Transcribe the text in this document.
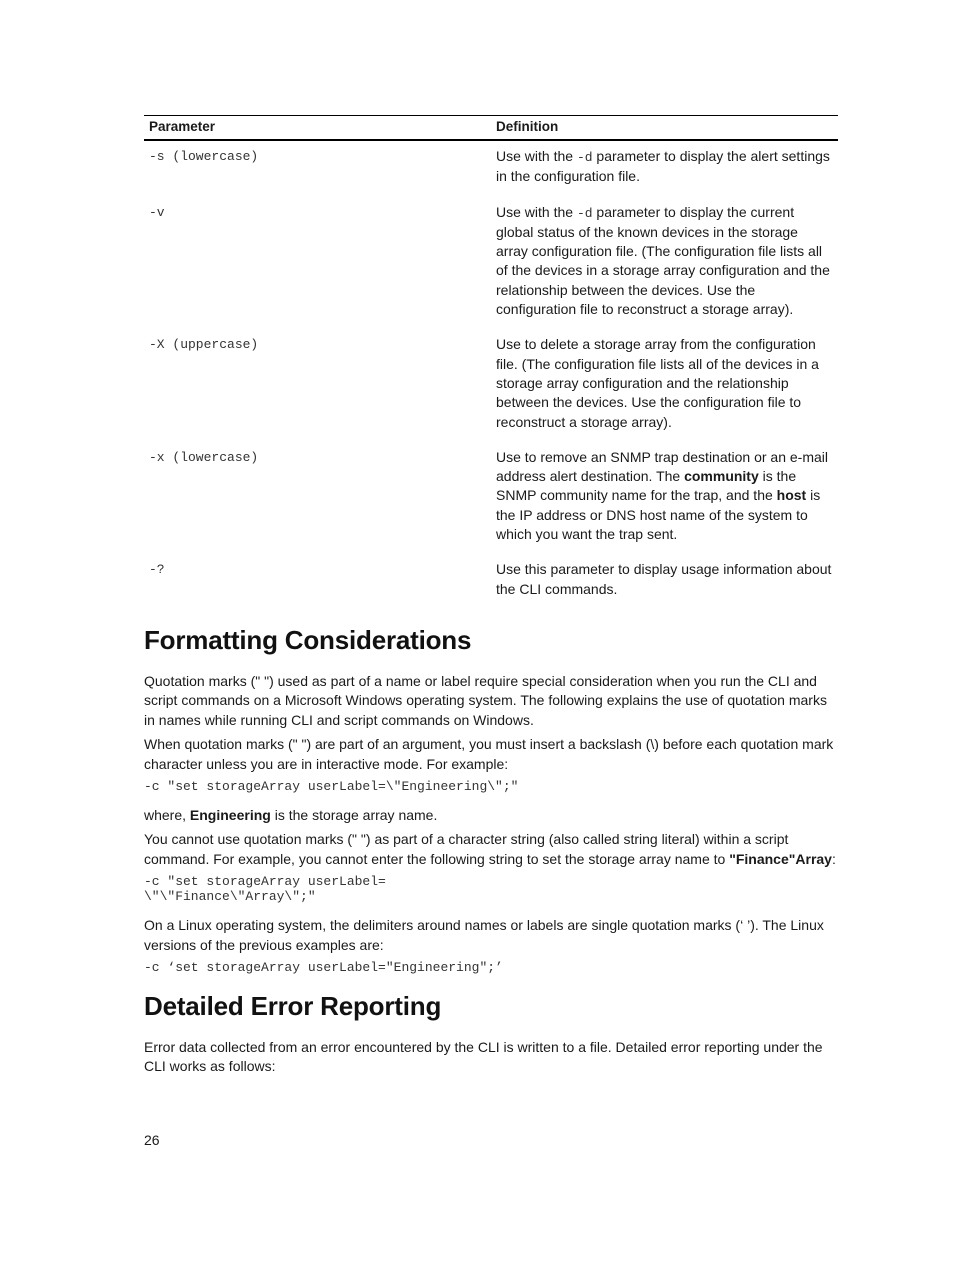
Parameter	Definition
-s (lowercase)	Use with the -d parameter to display the alert settings in the configuration file.
-v	Use with the -d parameter to display the current global status of the known devices in the storage array configuration file. (The configuration file lists all of the devices in a storage array configuration and the relationship between the devices. Use the configuration file to reconstruct a storage array).
-X (uppercase)	Use to delete a storage array from the configuration file. (The configuration file lists all of the devices in a storage array configuration and the relationship between the devices. Use the configuration file to reconstruct a storage array).
-x (lowercase)	Use to remove an SNMP trap destination or an e-mail address alert destination. The community is the SNMP community name for the trap, and the host is the IP address or DNS host name of the system to which you want the trap sent.
-?	Use this parameter to display usage information about the CLI commands.
Formatting Considerations

Quotation marks (" ") used as part of a name or label require special consideration when you run the CLI and script commands on a Microsoft Windows operating system. The following explains the use of quotation marks in names while running CLI and script commands on Windows.

When quotation marks (" ") are part of an argument, you must insert a backslash (\) before each quotation mark character unless you are in interactive mode. For example:

-c "set storageArray userLabel=\"Engineering\";"

where, Engineering is the storage array name.

You cannot use quotation marks (" ") as part of a character string (also called string literal) within a script command. For example, you cannot enter the following string to set the storage array name to "Finance"Array:

-c "set storageArray userLabel=
\"\"Finance\"Array\";"

On a Linux operating system, the delimiters around names or labels are single quotation marks (‘ ’). The Linux versions of the previous examples are:

-c ‘set storageArray userLabel="Engineering";’
Detailed Error Reporting

Error data collected from an error encountered by the CLI is written to a file. Detailed error reporting under the CLI works as follows:

26
